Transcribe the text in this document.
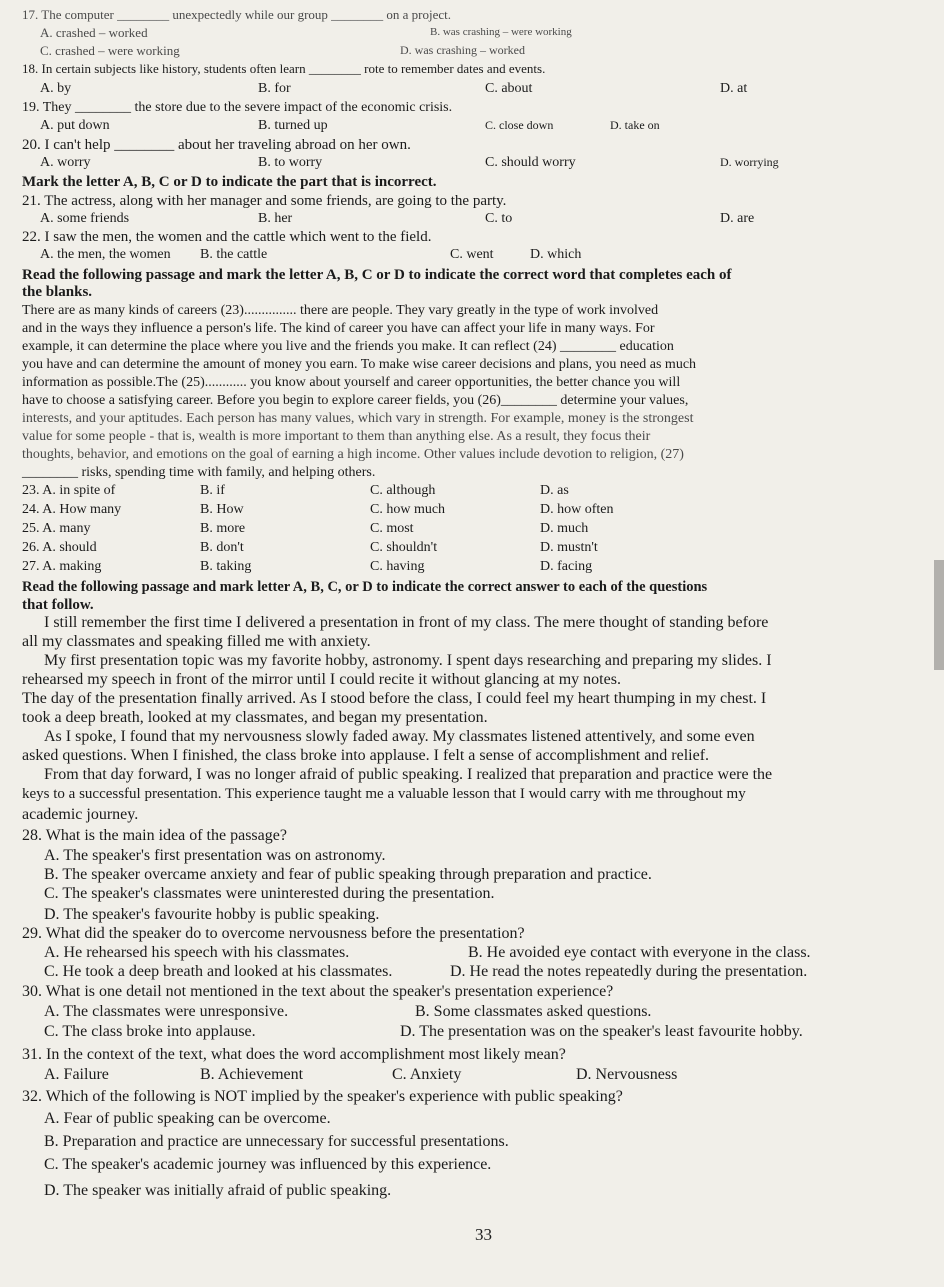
17. The computer ________ unexpectedly while our group ________ on a project.
A. crashed – worked	B. was crashing – were working
C. crashed – were working	D. was crashing – worked
18. In certain subjects like history, students often learn ________ rote to remember dates and events.
A. by	B. for	C. about	D. at
19. They ________ the store due to the severe impact of the economic crisis.
A. put down	B. turned up	C. close down	D. take on
20. I can't help ________ about her traveling abroad on her own.
A. worry	B. to worry	C. should worry	D. worrying
Mark the letter A, B, C or D to indicate the part that is incorrect.
21. The actress, along with her manager and some friends, are going to the party.
A. some friends	B. her	C. to	D. are
22. I saw the men, the women and the cattle which went to the field.
A. the men, the women B. the cattle	C. went	D. which
Read the following passage and mark the letter A, B, C or D to indicate the correct word that completes each of
the blanks.
There are as many kinds of careers (23)............... there are people. They vary greatly in the type of work involved
and in the ways they influence a person's life. The kind of career you have can affect your life in many ways. For
example, it can determine the place where you live and the friends you make. It can reflect (24) ________ education
you have and can determine the amount of money you earn. To make wise career decisions and plans, you need as much
information as possible.The (25)............ you know about yourself and career opportunities, the better chance you will
have to choose a satisfying career. Before you begin to explore career fields, you (26)________ determine your values,
interests, and your aptitudes. Each person has many values, which vary in strength. For example, money is the strongest
value for some people - that is, wealth is more important to them than anything else. As a result, they focus their
thoughts, behavior, and emotions on the goal of earning a high income. Other values include devotion to religion, (27)
________ risks, spending time with family, and helping others.
23. A. in spite of	B. if	C. although	D. as
24. A. How many	B. How	C. how much	D. how often
25. A. many	B. more	C. most	D. much
26. A. should	B. don't	C. shouldn't	D. mustn't
27. A. making	B. taking	C. having	D. facing
Read the following passage and mark letter A, B, C, or D to indicate the correct answer to each of the questions
that follow.
I still remember the first time I delivered a presentation in front of my class. The mere thought of standing before
all my classmates and speaking filled me with anxiety.
My first presentation topic was my favorite hobby, astronomy. I spent days researching and preparing my slides. I
rehearsed my speech in front of the mirror until I could recite it without glancing at my notes.
The day of the presentation finally arrived. As I stood before the class, I could feel my heart thumping in my chest. I
took a deep breath, looked at my classmates, and began my presentation.
As I spoke, I found that my nervousness slowly faded away. My classmates listened attentively, and some even
asked questions. When I finished, the class broke into applause. I felt a sense of accomplishment and relief.
From that day forward, I was no longer afraid of public speaking. I realized that preparation and practice were the
keys to a successful presentation. This experience taught me a valuable lesson that I would carry with me throughout my
academic journey.
28. What is the main idea of the passage?
A. The speaker's first presentation was on astronomy.
B. The speaker overcame anxiety and fear of public speaking through preparation and practice.
C. The speaker's classmates were uninterested during the presentation.
D. The speaker's favourite hobby is public speaking.
29. What did the speaker do to overcome nervousness before the presentation?
A. He rehearsed his speech with his classmates.	B. He avoided eye contact with everyone in the class.
C. He took a deep breath and looked at his classmates.	D. He read the notes repeatedly during the presentation.
30. What is one detail not mentioned in the text about the speaker's presentation experience?
A. The classmates were unresponsive.	B. Some classmates asked questions.
C. The class broke into applause.	D. The presentation was on the speaker's least favourite hobby.
31. In the context of the text, what does the word accomplishment most likely mean?
A. Failure	B. Achievement	C. Anxiety	D. Nervousness
32. Which of the following is NOT implied by the speaker's experience with public speaking?
A. Fear of public speaking can be overcome.
B. Preparation and practice are unnecessary for successful presentations.
C. The speaker's academic journey was influenced by this experience.
D. The speaker was initially afraid of public speaking.
33
